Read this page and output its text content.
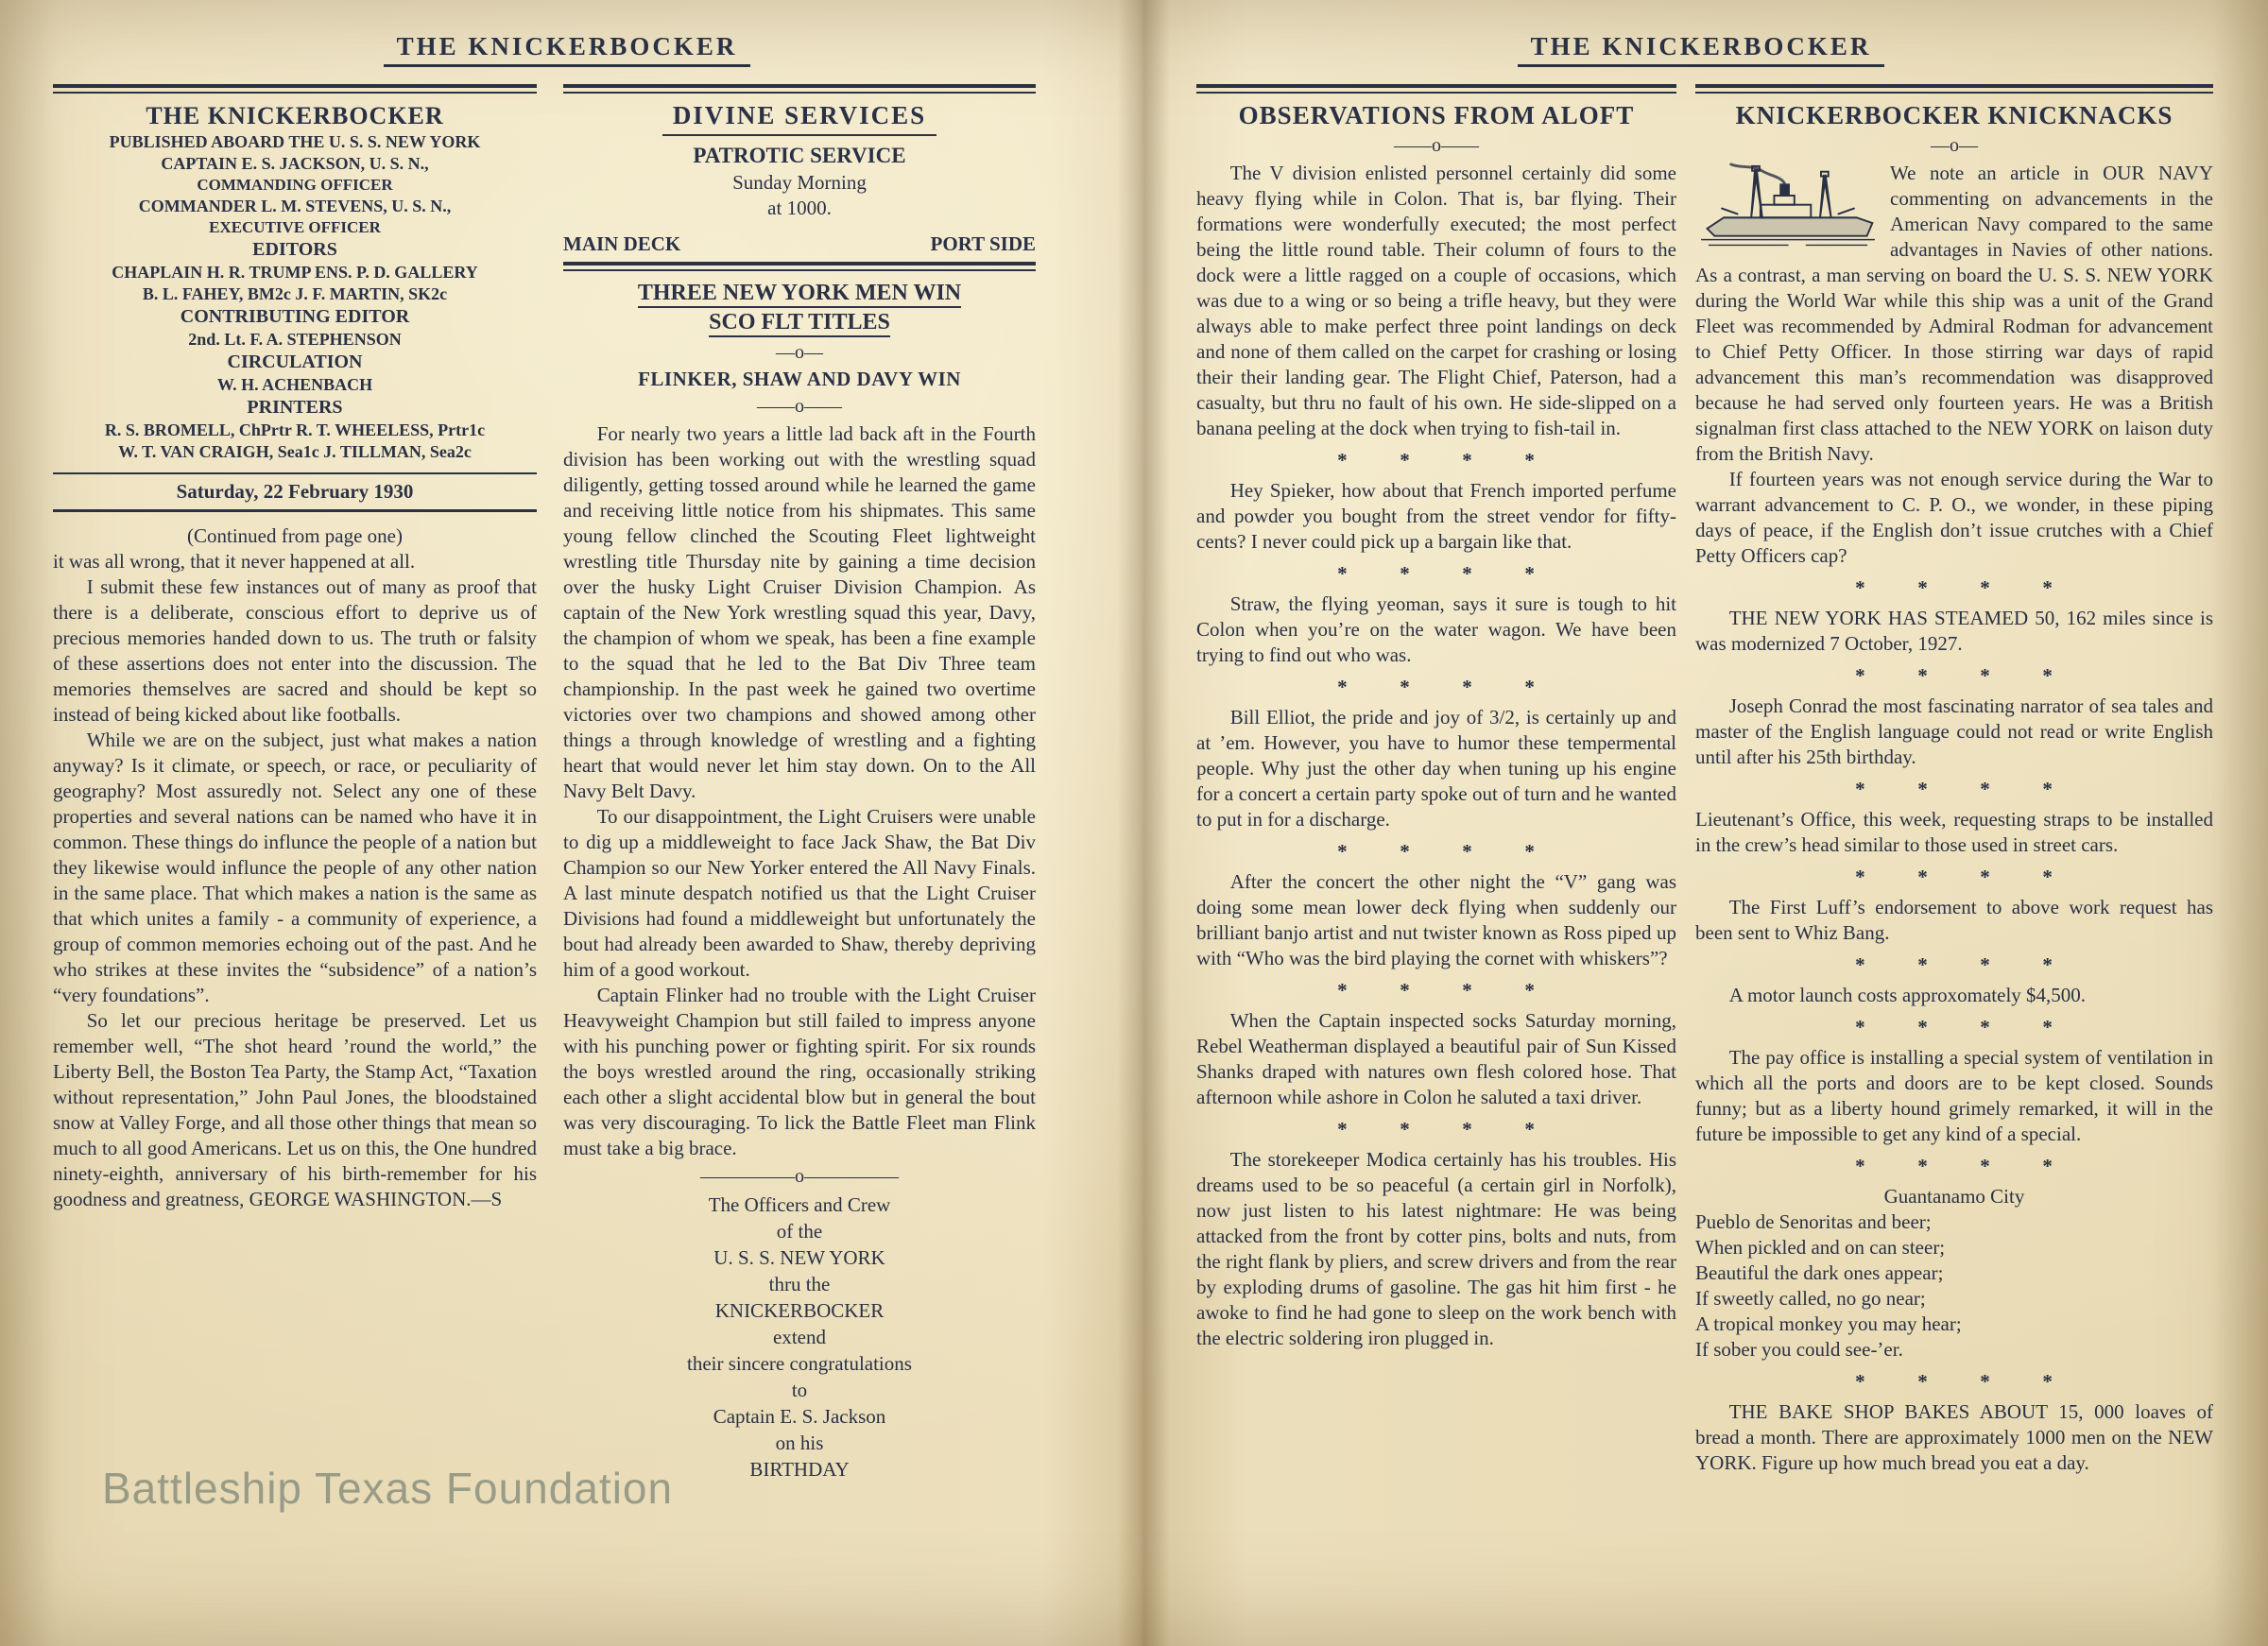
THE KNICKERBOCKER

THE KNICKERBOCKER

PUBLISHED ABOARD THE U. S. S. NEW YORK

CAPTAIN E. S. JACKSON, U. S. N.,

COMMANDING OFFICER

COMMANDER L. M. STEVENS, U. S. N.,

EXECUTIVE OFFICER

EDITORS

CHAPLAIN H. R. TRUMP ENS. P. D. GALLERY

B. L. FAHEY, BM2c J. F. MARTIN, SK2c

CONTRIBUTING EDITOR

2nd. Lt. F. A. STEPHENSON

CIRCULATION

W. H. ACHENBACH

PRINTERS

R. S. BROMELL, ChPrtr R. T. WHEELESS, Prtr1c

W. T. VAN CRAIGH, Sea1c J. TILLMAN, Sea2c

Saturday, 22 February 1930

(Continued from page one)

it was all wrong, that it never happened at all.

I submit these few instances out of many as proof that there is a deliberate, conscious effort to deprive us of precious memories handed down to us. The truth or falsity of these assertions does not enter into the discussion. The memories themselves are sacred and should be kept so instead of being kicked about like footballs.

While we are on the subject, just what makes a nation anyway? Is it climate, or speech, or race, or peculiarity of geography? Most assuredly not. Select any one of these properties and several nations can be named who have it in common. These things do influnce the people of a nation but they likewise would influnce the people of any other nation in the same place. That which makes a nation is the same as that which unites a family - a community of experience, a group of common memories echoing out of the past. And he who strikes at these invites the “subsidence” of a nation’s “very foundations”.

So let our precious heritage be preserved. Let us remember well, “The shot heard ’round the world,” the Liberty Bell, the Boston Tea Party, the Stamp Act, “Taxation without representation,” John Paul Jones, the bloodstained snow at Valley Forge, and all those other things that mean so much to all good Americans. Let us on this, the One hundred ninety-eighth, anniversary of his birth-remember for his goodness and greatness, GEORGE WASHINGTON.—S

DIVINE SERVICES

PATROTIC SERVICE

Sunday Morning

at 1000.

MAIN DECK	PORT SIDE
THREE NEW YORK MEN WIN
SCO FLT TITLES
—o—
FLINKER, SHAW AND DAVY WIN
——o——

For nearly two years a little lad back aft in the Fourth division has been working out with the wrestling squad diligently, getting tossed around while he learned the game and receiving little notice from his shipmates. This same young fellow clinched the Scouting Fleet lightweight wrestling title Thursday nite by gaining a time decision over the husky Light Cruiser Division Champion. As captain of the New York wrestling squad this year, Davy, the champion of whom we speak, has been a fine example to the squad that he led to the Bat Div Three team championship. In the past week he gained two overtime victories over two champions and showed among other things a through knowledge of wrestling and a fighting heart that would never let him stay down. On to the All Navy Belt Davy.

To our disappointment, the Light Cruisers were unable to dig up a middleweight to face Jack Shaw, the Bat Div Champion so our New Yorker entered the All Navy Finals. A last minute despatch notified us that the Light Cruiser Divisions had found a middleweight but unfortunately the bout had already been awarded to Shaw, thereby depriving him of a good workout.

Captain Flinker had no trouble with the Light Cruiser Heavyweight Champion but still failed to impress anyone with his punching power or fighting spirit. For six rounds the boys wrestled around the ring, occasionally striking each other a slight accidental blow but in general the bout was very discouraging. To lick the Battle Fleet man Flink must take a big brace.

—————o—————

The Officers and Crew

of the

U. S. S. NEW YORK

thru the

KNICKERBOCKER

extend

their sincere congratulations

to

Captain E. S. Jackson

on his

BIRTHDAY

THE KNICKERBOCKER
OBSERVATIONS FROM ALOFT
——o——

The V division enlisted personnel certainly did some heavy flying while in Colon. That is, bar flying. Their formations were wonderfully executed; the most perfect being the little round table. Their column of fours to the dock were a little ragged on a couple of occasions, which was due to a wing or so being a trifle heavy, but they were always able to make perfect three point landings on deck and none of them called on the carpet for crashing or losing their their landing gear. The Flight Chief, Paterson, had a casualty, but thru no fault of his own. He side-slipped on a banana peeling at the dock when trying to fish-tail in.

* * * *

Hey Spieker, how about that French imported perfume and powder you bought from the street vendor for fifty-cents? I never could pick up a bargain like that.

* * * *

Straw, the flying yeoman, says it sure is tough to hit Colon when you’re on the water wagon. We have been trying to find out who was.

* * * *

Bill Elliot, the pride and joy of 3/2, is certainly up and at ’em. However, you have to humor these tempermental people. Why just the other day when tuning up his engine for a concert a certain party spoke out of turn and he wanted to put in for a discharge.

* * * *

After the concert the other night the “V” gang was doing some mean lower deck flying when suddenly our brilliant banjo artist and nut twister known as Ross piped up with “Who was the bird playing the cornet with whiskers”?

* * * *

When the Captain inspected socks Saturday morning, Rebel Weatherman displayed a beautiful pair of Sun Kissed Shanks draped with natures own flesh colored hose. That afternoon while ashore in Colon he saluted a taxi driver.

* * * *

The storekeeper Modica certainly has his troubles. His dreams used to be so peaceful (a certain girl in Norfolk), now just listen to his latest nightmare: He was being attacked from the front by cotter pins, bolts and nuts, from the right flank by pliers, and screw drivers and from the rear by exploding drums of gasoline. The gas hit him first - he awoke to find he had gone to sleep on the work bench with the electric soldering iron plugged in.

KNICKERBOCKER KNICKNACKS
—o—
We note an article in OUR NAVY commenting on advancements in the American Navy compared to the same advantages in Navies of other nations. As a contrast, a man serving on board the U. S. S. NEW YORK during the World War while this ship was a unit of the Grand Fleet was recommended by Admiral Rodman for advancement to Chief Petty Officer. In those stirring war days of rapid advancement this man’s recommendation was disapproved because he had served only fourteen years. He was a British signalman first class attached to the NEW YORK on laison duty from the British Navy.

If fourteen years was not enough service during the War to warrant advancement to C. P. O., we wonder, in these piping days of peace, if the English don’t issue crutches with a Chief Petty Officers cap?

* * * *

THE NEW YORK HAS STEAMED 50, 162 miles since is was modernized 7 October, 1927.

* * * *

Joseph Conrad the most fascinating narrator of sea tales and master of the English language could not read or write English until after his 25th birthday.

* * * *

Lieutenant’s Office, this week, requesting straps to be installed in the crew’s head similar to those used in street cars.

* * * *

The First Luff’s endorsement to above work request has been sent to Whiz Bang.

* * * *

A motor launch costs approxomately $4,500.

* * * *

The pay office is installing a special system of ventilation in which all the ports and doors are to be kept closed. Sounds funny; but as a liberty hound grimely remarked, it will in the future be impossible to get any kind of a special.

* * * *

Guantanamo City

Pueblo de Senoritas and beer;

When pickled and on can steer;

Beautiful the dark ones appear;

If sweetly called, no go near;

A tropical monkey you may hear;

If sober you could see-’er.

* * * *

THE BAKE SHOP BAKES ABOUT 15, 000 loaves of bread a month. There are approximately 1000 men on the NEW YORK. Figure up how much bread you eat a day.

Battleship Texas Foundation
